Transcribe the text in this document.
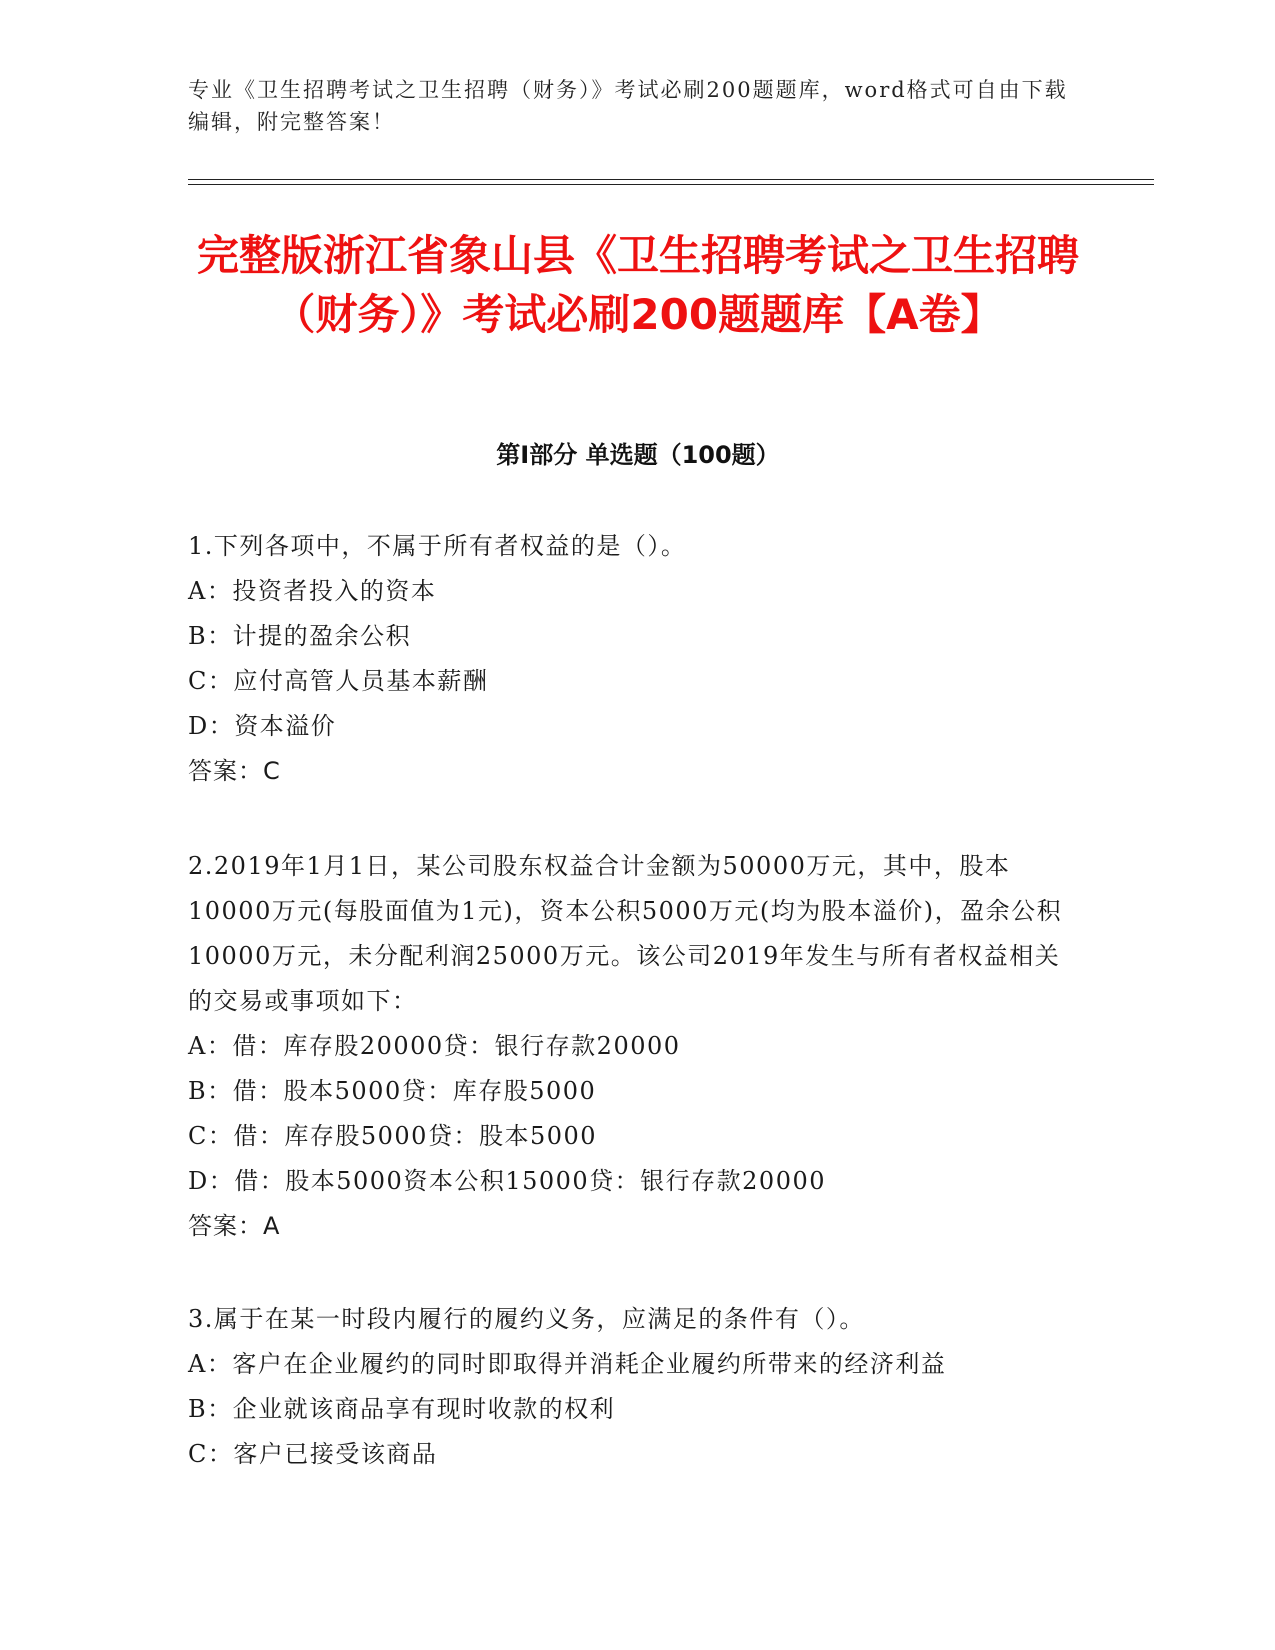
专业《卫生招聘考试之卫生招聘（财务）》考试必刷200题题库，word格式可自由下载编辑，附完整答案！
完整版浙江省象山县《卫生招聘考试之卫生招聘（财务）》考试必刷200题题库【A卷】
第I部分 单选题（100题）

1.下列各项中，不属于所有者权益的是（）。

A：投资者投入的资本

B：计提的盈余公积

C：应付高管人员基本薪酬

D：资本溢价

答案：C

2.2019年1月1日，某公司股东权益合计金额为50000万元，其中，股本10000万元(每股面值为1元)，资本公积5000万元(均为股本溢价)，盈余公积10000万元，未分配利润25000万元。该公司2019年发生与所有者权益相关的交易或事项如下：

A：借：库存股20000贷：银行存款20000

B：借：股本5000贷：库存股5000

C：借：库存股5000贷：股本5000

D：借：股本5000资本公积15000贷：银行存款20000

答案：A

3.属于在某一时段内履行的履约义务，应满足的条件有（）。

A：客户在企业履约的同时即取得并消耗企业履约所带来的经济利益

B：企业就该商品享有现时收款的权利

C：客户已接受该商品
